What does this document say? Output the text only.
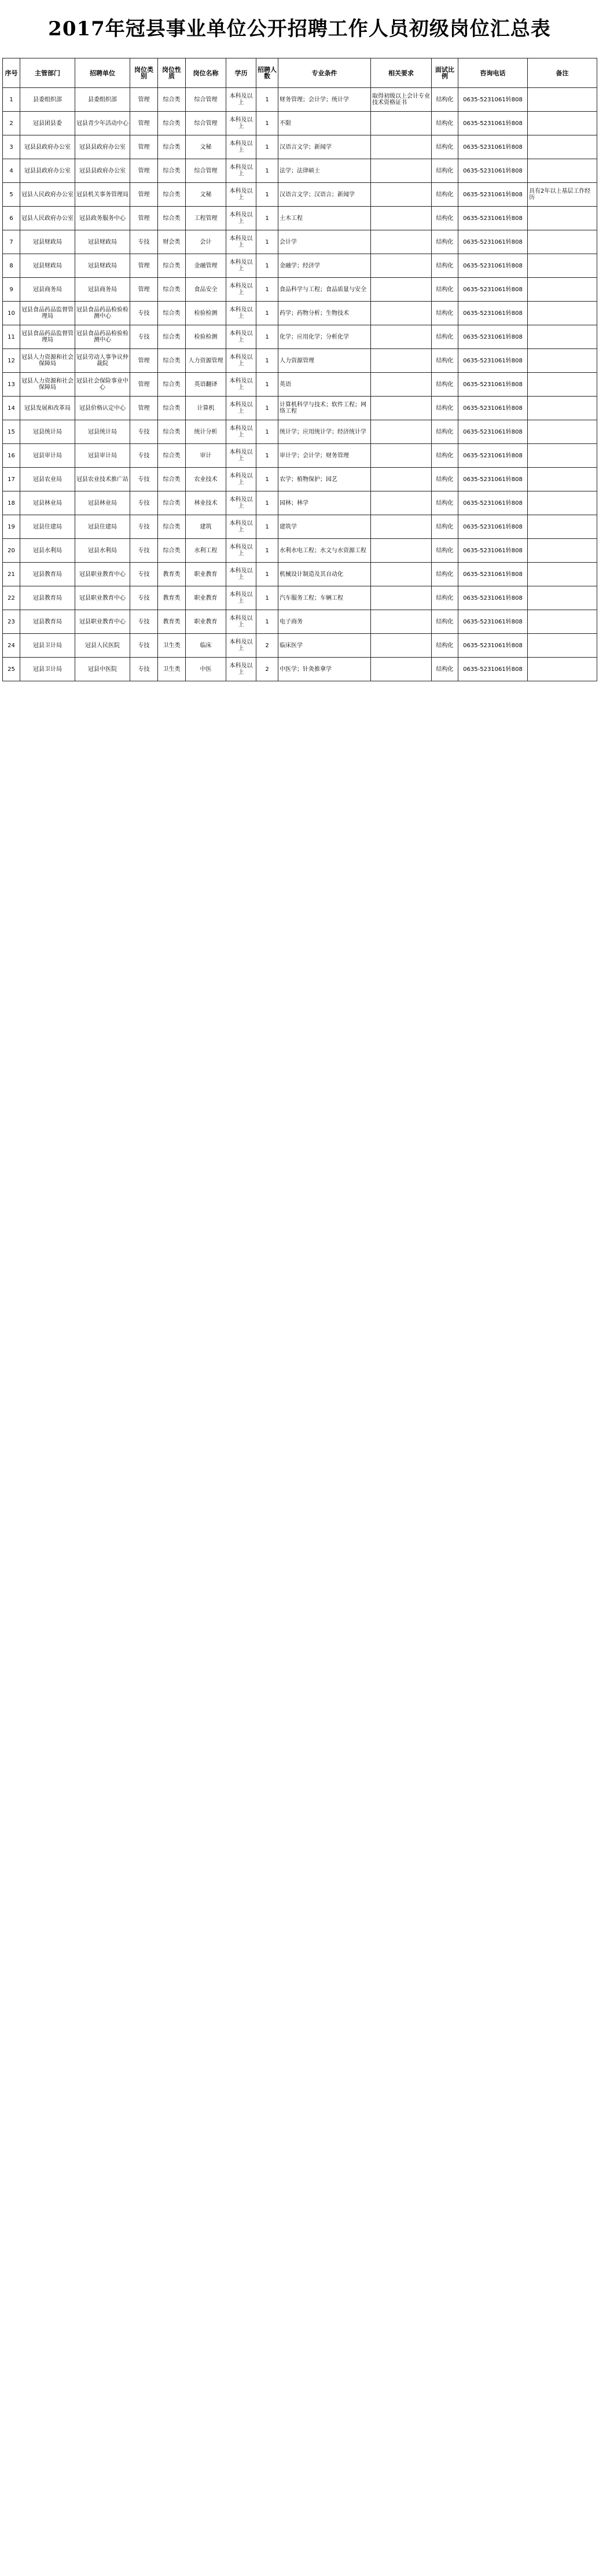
2017年冠县事业单位公开招聘工作人员初级岗位汇总表
序号	主管部门	招聘单位	岗位类别	岗位性质	岗位名称	学历	招聘人数	专业条件	相关要求	面试比例	咨询电话	备注
1	县委组织部	县委组织部	管理	综合类	综合管理	本科及以上	1	财务管理；会计学；统计学	取得初级以上会计专业技术资格证书	结构化	0635-5231061转808	
2	冠县团县委	冠县青少年活动中心	管理	综合类	综合管理	本科及以上	1	不限		结构化	0635-5231061转808	
3	冠县县政府办公室	冠县县政府办公室	管理	综合类	文秘	本科及以上	1	汉语言文学；新闻学		结构化	0635-5231061转808	
4	冠县县政府办公室	冠县县政府办公室	管理	综合类	综合管理	本科及以上	1	法学；法律硕士		结构化	0635-5231061转808	
5	冠县人民政府办公室	冠县机关事务管理局	管理	综合类	文秘	本科及以上	1	汉语言文学；汉语言；新闻学		结构化	0635-5231061转808	具有2年以上基层工作经历
6	冠县人民政府办公室	冠县政务服务中心	管理	综合类	工程管理	本科及以上	1	土木工程		结构化	0635-5231061转808	
7	冠县财政局	冠县财政局	专技	财会类	会计	本科及以上	1	会计学		结构化	0635-5231061转808	
8	冠县财政局	冠县财政局	管理	综合类	金融管理	本科及以上	1	金融学；经济学		结构化	0635-5231061转808	
9	冠县商务局	冠县商务局	管理	综合类	食品安全	本科及以上	1	食品科学与工程；食品质量与安全		结构化	0635-5231061转808	
10	冠县食品药品监督管理局	冠县食品药品检验检测中心	专技	综合类	检验检测	本科及以上	1	药学；药物分析；生物技术		结构化	0635-5231061转808	
11	冠县食品药品监督管理局	冠县食品药品检验检测中心	专技	综合类	检验检测	本科及以上	1	化学；应用化学；分析化学		结构化	0635-5231061转808	
12	冠县人力资源和社会保障局	冠县劳动人事争议仲裁院	管理	综合类	人力资源管理	本科及以上	1	人力资源管理		结构化	0635-5231061转808	
13	冠县人力资源和社会保障局	冠县社会保险事业中心	管理	综合类	英语翻译	本科及以上	1	英语		结构化	0635-5231061转808	
14	冠县发展和改革局	冠县价格认定中心	管理	综合类	计算机	本科及以上	1	计算机科学与技术；软件工程；网络工程		结构化	0635-5231061转808	
15	冠县统计局	冠县统计局	专技	综合类	统计分析	本科及以上	1	统计学；应用统计学；经济统计学		结构化	0635-5231061转808	
16	冠县审计局	冠县审计局	专技	综合类	审计	本科及以上	1	审计学；会计学；财务管理		结构化	0635-5231061转808	
17	冠县农业局	冠县农业技术推广站	专技	综合类	农业技术	本科及以上	1	农学；植物保护；园艺		结构化	0635-5231061转808	
18	冠县林业局	冠县林业局	专技	综合类	林业技术	本科及以上	1	园林；林学		结构化	0635-5231061转808	
19	冠县住建局	冠县住建局	专技	综合类	建筑	本科及以上	1	建筑学		结构化	0635-5231061转808	
20	冠县水利局	冠县水利局	专技	综合类	水利工程	本科及以上	1	水利水电工程；水文与水资源工程		结构化	0635-5231061转808	
21	冠县教育局	冠县职业教育中心	专技	教育类	职业教育	本科及以上	1	机械设计制造及其自动化		结构化	0635-5231061转808	
22	冠县教育局	冠县职业教育中心	专技	教育类	职业教育	本科及以上	1	汽车服务工程；车辆工程		结构化	0635-5231061转808	
23	冠县教育局	冠县职业教育中心	专技	教育类	职业教育	本科及以上	1	电子商务		结构化	0635-5231061转808	
24	冠县卫计局	冠县人民医院	专技	卫生类	临床	本科及以上	2	临床医学		结构化	0635-5231061转808	
25	冠县卫计局	冠县中医院	专技	卫生类	中医	本科及以上	2	中医学；针灸推拿学		结构化	0635-5231061转808	
